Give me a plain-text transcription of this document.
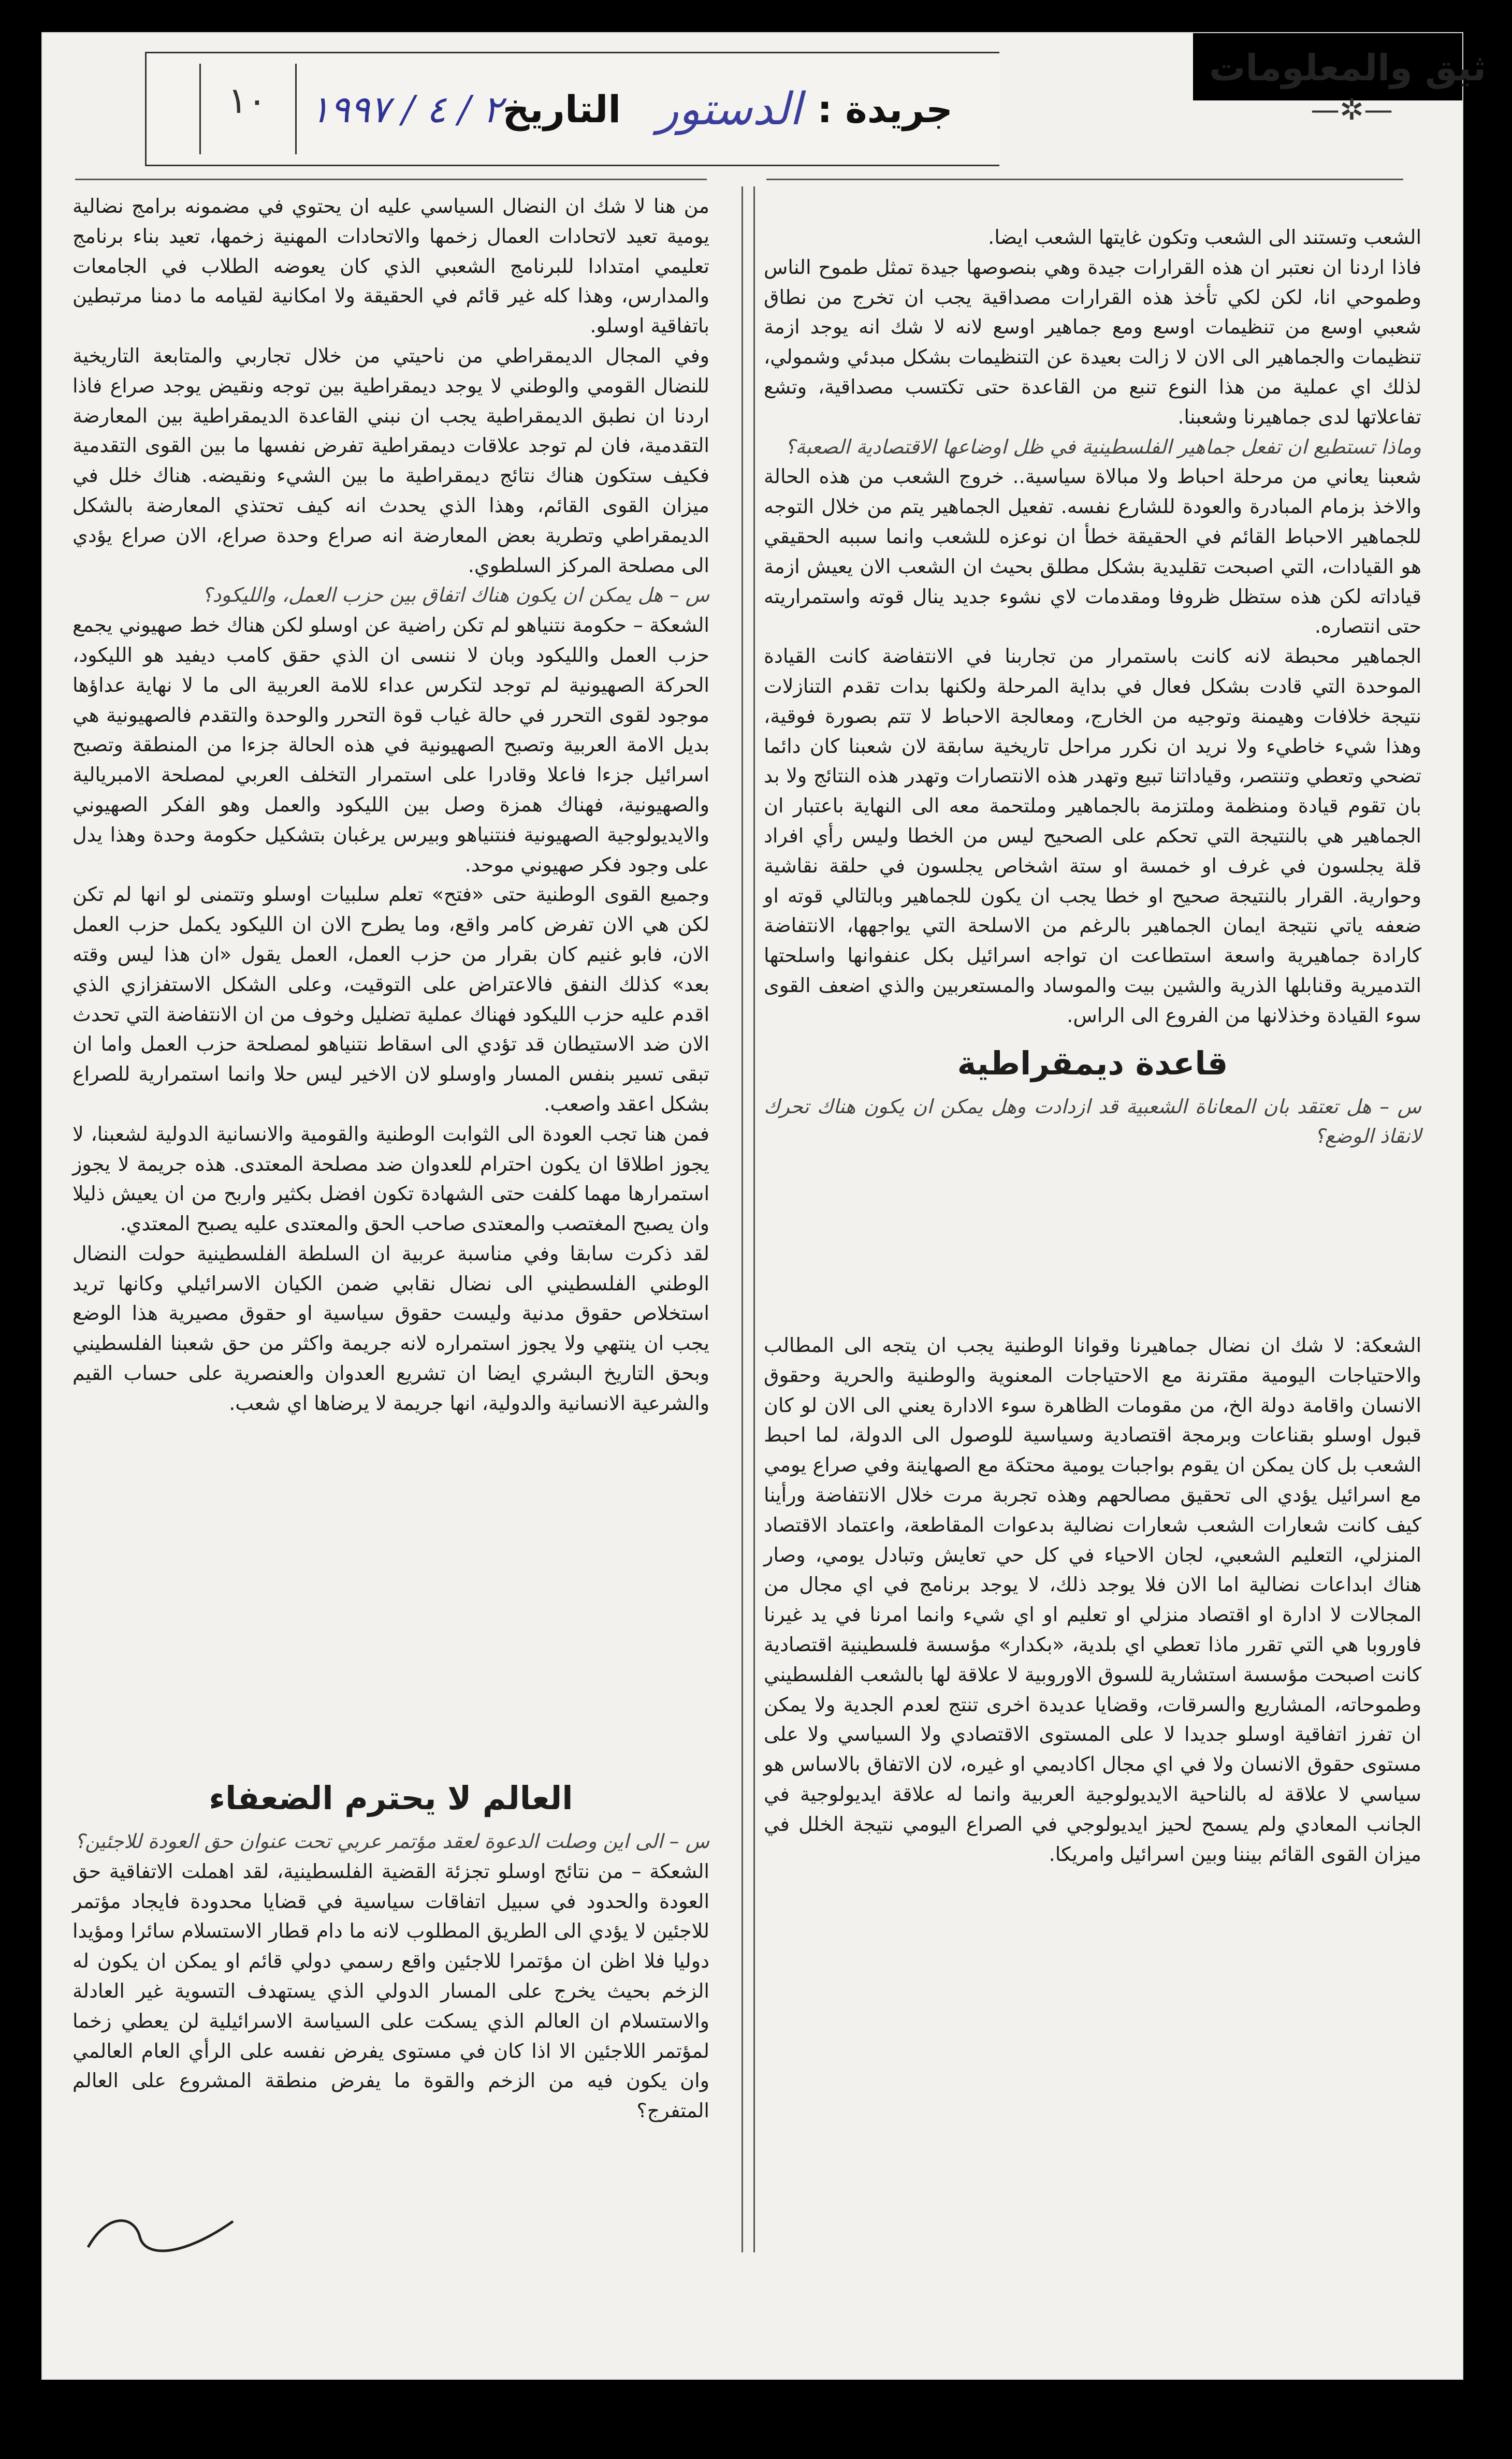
ثيق والمعلومات
—✲—
١٠	جريدة :
الدستور
التاريخ
٢ / ٤ / ١٩٩٧

الشعب وتستند الى الشعب وتكون غايتها الشعب ايضا.

فاذا اردنا ان نعتبر ان هذه القرارات جيدة وهي بنصوصها جيدة تمثل طموح الناس وطموحي انا، لكن لكي تأخذ هذه القرارات مصداقية يجب ان تخرج من نطاق شعبي اوسع من تنظيمات اوسع ومع جماهير اوسع لانه لا شك انه يوجد ازمة تنظيمات والجماهير الى الان لا زالت بعيدة عن التنظيمات بشكل مبدئي وشمولي، لذلك اي عملية من هذا النوع تنبع من القاعدة حتى تكتسب مصداقية، وتشع تفاعلاتها لدى جماهيرنا وشعبنا.

وماذا تستطيع ان تفعل جماهير الفلسطينية في ظل اوضاعها الاقتصادية الصعبة؟

شعبنا يعاني من مرحلة احباط ولا مبالاة سياسية.. خروج الشعب من هذه الحالة والاخذ بزمام المبادرة والعودة للشارع نفسه. تفعيل الجماهير يتم من خلال التوجه للجماهير الاحباط القائم في الحقيقة خطأ ان نوعزه للشعب وانما سببه الحقيقي هو القيادات، التي اصبحت تقليدية بشكل مطلق بحيث ان الشعب الان يعيش ازمة قياداته لكن هذه ستظل ظروفا ومقدمات لاي نشوء جديد ينال قوته واستمراريته حتى انتصاره.

الجماهير محبطة لانه كانت باستمرار من تجاربنا في الانتفاضة كانت القيادة الموحدة التي قادت بشكل فعال في بداية المرحلة ولكنها بدات تقدم التنازلات نتيجة خلافات وهيمنة وتوجيه من الخارج، ومعالجة الاحباط لا تتم بصورة فوقية، وهذا شيء خاطيء ولا نريد ان نكرر مراحل تاريخية سابقة لان شعبنا كان دائما تضحي وتعطي وتنتصر، وقياداتنا تبيع وتهدر هذه الانتصارات وتهدر هذه النتائج ولا بد بان تقوم قيادة ومنظمة وملتزمة بالجماهير وملتحمة معه الى النهاية باعتبار ان الجماهير هي بالنتيجة التي تحكم على الصحيح ليس من الخطا وليس رأي افراد قلة يجلسون في غرف او خمسة او ستة اشخاص يجلسون في حلقة نقاشية وحوارية. القرار بالنتيجة صحيح او خطا يجب ان يكون للجماهير وبالتالي قوته او ضعفه ياتي نتيجة ايمان الجماهير بالرغم من الاسلحة التي يواجهها، الانتفاضة كارادة جماهيرية واسعة استطاعت ان تواجه اسرائيل بكل عنفوانها واسلحتها التدميرية وقنابلها الذرية والشين بيت والموساد والمستعربين والذي اضعف القوى سوء القيادة وخذلانها من الفروع الى الراس.

قاعدة ديمقراطية

س – هل تعتقد بان المعاناة الشعبية قد ازدادت وهل يمكن ان يكون هناك تحرك لانقاذ الوضع؟

الشعكة: لا شك ان نضال جماهيرنا وقوانا الوطنية يجب ان يتجه الى المطالب والاحتياجات اليومية مقترنة مع الاحتياجات المعنوية والوطنية والحرية وحقوق الانسان واقامة دولة الخ، من مقومات الظاهرة سوء الادارة يعني الى الان لو كان قبول اوسلو بقناعات وبرمجة اقتصادية وسياسية للوصول الى الدولة، لما احبط الشعب بل كان يمكن ان يقوم بواجبات يومية محتكة مع الصهاينة وفي صراع يومي مع اسرائيل يؤدي الى تحقيق مصالحهم وهذه تجربة مرت خلال الانتفاضة ورأينا كيف كانت شعارات الشعب شعارات نضالية بدعوات المقاطعة، واعتماد الاقتصاد المنزلي، التعليم الشعبي، لجان الاحياء في كل حي تعايش وتبادل يومي، وصار هناك ابداعات نضالية اما الان فلا يوجد ذلك، لا يوجد برنامج في اي مجال من المجالات لا ادارة او اقتصاد منزلي او تعليم او اي شيء وانما امرنا في يد غيرنا فاوروبا هي التي تقرر ماذا تعطي اي بلدية، «بكدار» مؤسسة فلسطينية اقتصادية كانت اصبحت مؤسسة استشارية للسوق الاوروبية لا علاقة لها بالشعب الفلسطيني وطموحاته، المشاريع والسرقات، وقضايا عديدة اخرى تنتج لعدم الجدية ولا يمكن ان تفرز اتفاقية اوسلو جديدا لا على المستوى الاقتصادي ولا السياسي ولا على مستوى حقوق الانسان ولا في اي مجال اكاديمي او غيره، لان الاتفاق بالاساس هو سياسي لا علاقة له بالناحية الايديولوجية العربية وانما له علاقة ايديولوجية في الجانب المعادي ولم يسمح لحيز ايديولوجي في الصراع اليومي نتيجة الخلل في ميزان القوى القائم بيننا وبين اسرائيل وامريكا.

من هنا لا شك ان النضال السياسي عليه ان يحتوي في مضمونه برامج نضالية يومية تعيد لاتحادات العمال زخمها والاتحادات المهنية زخمها، تعيد بناء برنامج تعليمي امتدادا للبرنامج الشعبي الذي كان يعوضه الطلاب في الجامعات والمدارس، وهذا كله غير قائم في الحقيقة ولا امكانية لقيامه ما دمنا مرتبطين باتفاقية اوسلو.

وفي المجال الديمقراطي من ناحيتي من خلال تجاربي والمتابعة التاريخية للنضال القومي والوطني لا يوجد ديمقراطية بين توجه ونقيض يوجد صراع فاذا اردنا ان نطبق الديمقراطية يجب ان نبني القاعدة الديمقراطية بين المعارضة التقدمية، فان لم توجد علاقات ديمقراطية تفرض نفسها ما بين القوى التقدمية فكيف ستكون هناك نتائج ديمقراطية ما بين الشيء ونقيضه. هناك خلل في ميزان القوى القائم، وهذا الذي يحدث انه كيف تحتذي المعارضة بالشكل الديمقراطي وتطرية بعض المعارضة انه صراع وحدة صراع، الان صراع يؤدي الى مصلحة المركز السلطوي.

س – هل يمكن ان يكون هناك اتفاق بين حزب العمل، والليكود؟

الشعكة – حكومة نتنياهو لم تكن راضية عن اوسلو لكن هناك خط صهيوني يجمع حزب العمل والليكود وبان لا ننسى ان الذي حقق كامب ديفيد هو الليكود، الحركة الصهيونية لم توجد لتكرس عداء للامة العربية الى ما لا نهاية عداؤها موجود لقوى التحرر في حالة غياب قوة التحرر والوحدة والتقدم فالصهيونية هي بديل الامة العربية وتصبح الصهيونية في هذه الحالة جزءا من المنطقة وتصبح اسرائيل جزءا فاعلا وقادرا على استمرار التخلف العربي لمصلحة الامبريالية والصهيونية، فهناك همزة وصل بين الليكود والعمل وهو الفكر الصهيوني والايديولوجية الصهيونية فنتنياهو وبيرس يرغبان بتشكيل حكومة وحدة وهذا يدل على وجود فكر صهيوني موحد.

وجميع القوى الوطنية حتى «فتح» تعلم سلبيات اوسلو وتتمنى لو انها لم تكن لكن هي الان تفرض كامر واقع، وما يطرح الان ان الليكود يكمل حزب العمل الان، فابو غنيم كان بقرار من حزب العمل، العمل يقول «ان هذا ليس وقته بعد» كذلك النفق فالاعتراض على التوقيت، وعلى الشكل الاستفزازي الذي اقدم عليه حزب الليكود فهناك عملية تضليل وخوف من ان الانتفاضة التي تحدث الان ضد الاستيطان قد تؤدي الى اسقاط نتنياهو لمصلحة حزب العمل واما ان تبقى تسير بنفس المسار واوسلو لان الاخير ليس حلا وانما استمرارية للصراع بشكل اعقد واصعب.

فمن هنا تجب العودة الى الثوابت الوطنية والقومية والانسانية الدولية لشعبنا، لا يجوز اطلاقا ان يكون احترام للعدوان ضد مصلحة المعتدى. هذه جريمة لا يجوز استمرارها مهما كلفت حتى الشهادة تكون افضل بكثير واربح من ان يعيش ذليلا وان يصبح المغتصب والمعتدى صاحب الحق والمعتدى عليه يصبح المعتدي.

لقد ذكرت سابقا وفي مناسبة عربية ان السلطة الفلسطينية حولت النضال الوطني الفلسطيني الى نضال نقابي ضمن الكيان الاسرائيلي وكانها تريد استخلاص حقوق مدنية وليست حقوق سياسية او حقوق مصيرية هذا الوضع يجب ان ينتهي ولا يجوز استمراره لانه جريمة واكثر من حق شعبنا الفلسطيني وبحق التاريخ البشري ايضا ان تشريع العدوان والعنصرية على حساب القيم والشرعية الانسانية والدولية، انها جريمة لا يرضاها اي شعب.

العالم لا يحترم الضعفاء

س – الى اين وصلت الدعوة لعقد مؤتمر عربي تحت عنوان حق العودة للاجئين؟

الشعكة – من نتائج اوسلو تجزئة القضية الفلسطينية، لقد اهملت الاتفاقية حق العودة والحدود في سبيل اتفاقات سياسية في قضايا محدودة فايجاد مؤتمر للاجئين لا يؤدي الى الطريق المطلوب لانه ما دام قطار الاستسلام سائرا ومؤيدا دوليا فلا اظن ان مؤتمرا للاجئين واقع رسمي دولي قائم او يمكن ان يكون له الزخم بحيث يخرج على المسار الدولي الذي يستهدف التسوية غير العادلة والاستسلام ان العالم الذي يسكت على السياسة الاسرائيلية لن يعطي زخما لمؤتمر اللاجئين الا اذا كان في مستوى يفرض نفسه على الرأي العام العالمي وان يكون فيه من الزخم والقوة ما يفرض منطقة المشروع على العالم المتفرج؟
